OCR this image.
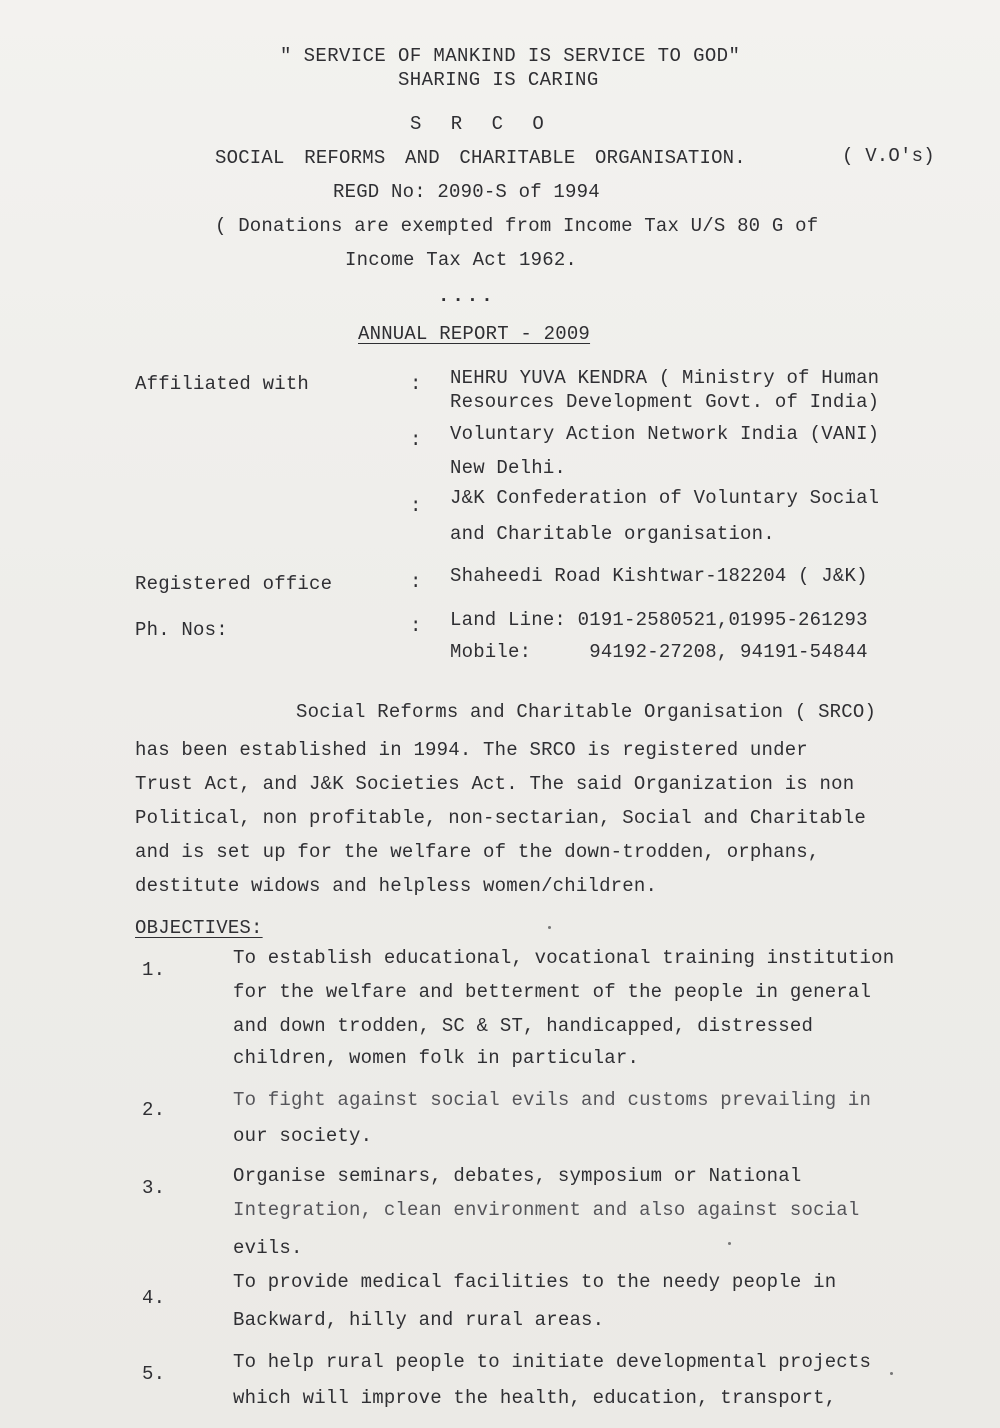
" SERVICE OF MANKIND IS SERVICE TO GOD"
SHARING IS CARING
S R C O
SOCIAL REFORMS AND CHARITABLE ORGANISATION.	( V.O's)
REGD No: 2090-S of 1994
( Donations are exempted from Income Tax U/S 80 G of
Income Tax Act 1962.
....
ANNUAL REPORT - 2009
Affiliated with	: NEHRU YUVA KENDRA ( Ministry of Human
Resources Development Govt. of India)
: Voluntary Action Network India (VANI)
New Delhi.
: J&K Confederation of Voluntary Social
and Charitable organisation.
Registered office	: Shaheedi Road Kishtwar-182204 ( J&K)
Ph. Nos:	: Land Line: 0191-2580521,01995-261293
Mobile:     94192-27208, 94191-54844
Social Reforms and Charitable Organisation ( SRCO)
has been established in 1994. The SRCO is registered under
Trust Act, and J&K Societies Act. The said Organization is non
Political, non profitable, non-sectarian, Social and Charitable
and is set up for the welfare of the down-trodden, orphans,
destitute widows and helpless women/children.
OBJECTIVES:
1.
To establish educational, vocational training institution
for the welfare and betterment of the people in general
and down trodden, SC & ST, handicapped, distressed
children, women folk in particular.
2.	To fight against social evils and customs prevailing in
our society.
3.
Organise seminars, debates, symposium or National
Integration, clean environment and also against social
evils.
4.
To provide medical facilities to the needy people in
Backward, hilly and rural areas.
5.
To help rural people to initiate developmental projects
which will improve the health, education, transport,
